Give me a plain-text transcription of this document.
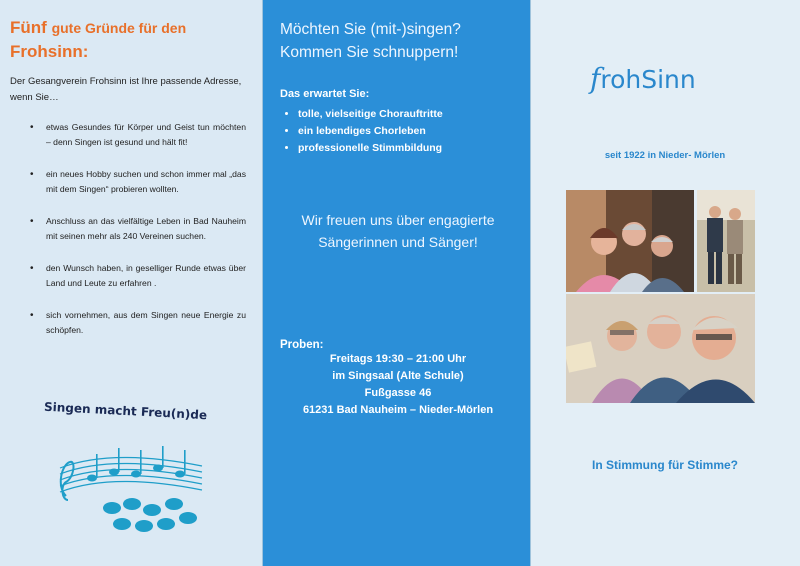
Fünf gute Gründe für den
Frohsinn:
Der Gesangverein Frohsinn ist Ihre passende Adresse, wenn Sie…
• etwas Gesundes für Körper und Geist tun möchten – denn Singen ist gesund und hält fit!
• ein neues Hobby suchen und schon immer mal „das mit dem Singen“ probieren wollten.
• Anschluss an das vielfältige Leben in Bad Nauheim mit seinen mehr als 240 Vereinen suchen.
• den Wunsch haben, in geselliger Runde etwas über Land und Leute zu erfahren .
• sich vornehmen, aus dem Singen neue Energie zu schöpfen.
Singen macht Freu(n)de
Möchten Sie (mit-)singen?
Kommen Sie schnuppern!
Das erwartet Sie:
• tolle, vielseitige Chorauftritte
• ein lebendiges Chorleben
• professionelle Stimmbildung
Wir freuen uns über engagierte
Sängerinnen und Sänger!
Proben:
Freitags 19:30 – 21:00 Uhr
im Singsaal (Alte Schule)
Fußgasse 46
61231 Bad Nauheim – Nieder-Mörlen
frohSinn
seit 1922 in Nieder- Mörlen
In Stimmung für Stimme?
